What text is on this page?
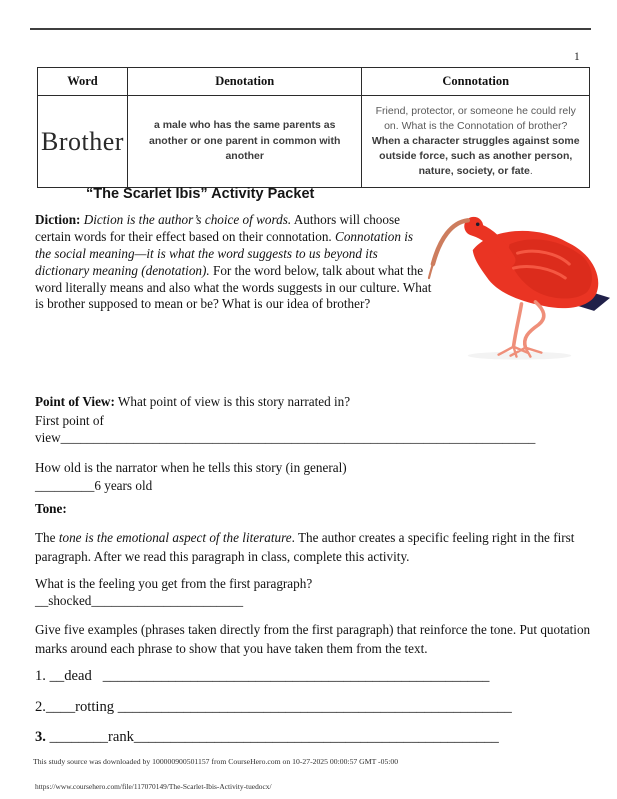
1
Word	Denotation	Connotation
Brother	a male who has the same parents as another or one parent in common with another	Friend, protector, or someone he could rely on. What is the Connotation of brother? When a character struggles against some outside force, such as another person, nature, society, or fate.
“The Scarlet Ibis” Activity Packet

Diction: Diction is the author’s choice of words. Authors will choose certain words for their effect based on their connotation. Connotation is the social meaning—it is what the word suggests to us beyond its dictionary meaning (denotation). For the word below, talk about what the word literally means and also what the words suggests in our culture. What is brother supposed to mean or be? What is our idea of brother?

Point of View: What point of view is this story narrated in?
First point of
view________________________________________________________________________
How old is the narrator when he tells this story (in general)
_________6 years old
Tone:
The tone is the emotional aspect of the literature. The author creates a specific feeling right in the first paragraph. After we read this paragraph in class, complete this activity.
What is the feeling you get from the first paragraph?
__shocked_______________________
Give five examples (phrases taken directly from the first paragraph) that reinforce the tone. Put quotation marks around each phrase to show that you have taken them from the text.
1. __dead   _____________________________________________________
2.____rotting ______________________________________________________
3. ________rank__________________________________________________
This study source was downloaded by 100000900501157 from CourseHero.com on 10-27-2025 00:00:57 GMT -05:00
https://www.coursehero.com/file/117070149/The-Scarlet-Ibis-Activity-tuedocx/
